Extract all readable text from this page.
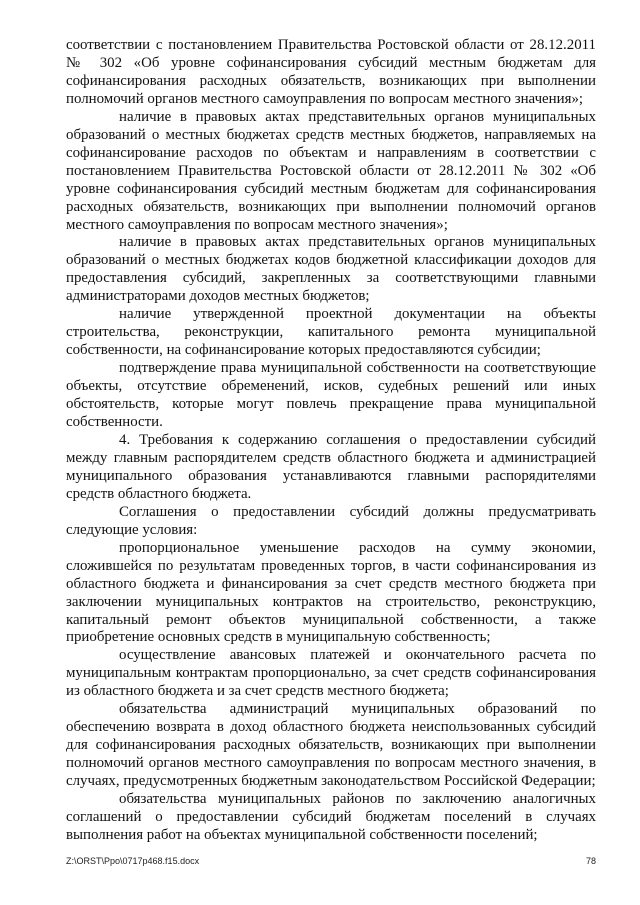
соответствии с постановлением Правительства Ростовской области от 28.12.2011 № 302 «Об уровне софинансирования субсидий местным бюджетам для софинансирования расходных обязательств, возникающих при выполнении полномочий органов местного самоуправления по вопросам местного значения»;

наличие в правовых актах представительных органов муниципальных образований о местных бюджетах средств местных бюджетов, направляемых на софинансирование расходов по объектам и направлениям в соответствии с постановлением Правительства Ростовской области от 28.12.2011 № 302 «Об уровне софинансирования субсидий местным бюджетам для софинансирования расходных обязательств, возникающих при выполнении полномочий органов местного самоуправления по вопросам местного значения»;

наличие в правовых актах представительных органов муниципальных образований о местных бюджетах кодов бюджетной классификации доходов для предоставления субсидий, закрепленных за соответствующими главными администраторами доходов местных бюджетов;

наличие утвержденной проектной документации на объекты строительства, реконструкции, капитального ремонта муниципальной собственности, на софинансирование которых предоставляются субсидии;

подтверждение права муниципальной собственности на соответствующие объекты, отсутствие обременений, исков, судебных решений или иных обстоятельств, которые могут повлечь прекращение права муниципальной собственности.

4. Требования к содержанию соглашения о предоставлении субсидий между главным распорядителем средств областного бюджета и администрацией муниципального образования устанавливаются главными распорядителями средств областного бюджета.

Соглашения о предоставлении субсидий должны предусматривать следующие условия:

пропорциональное уменьшение расходов на сумму экономии, сложившейся по результатам проведенных торгов, в части софинансирования из областного бюджета и финансирования за счет средств местного бюджета при заключении муниципальных контрактов на строительство, реконструкцию, капитальный ремонт объектов муниципальной собственности, а также приобретение основных средств в муниципальную собственность;

осуществление авансовых платежей и окончательного расчета по муниципальным контрактам пропорционально, за счет средств софинансирования из областного бюджета и за счет средств местного бюджета;

обязательства администраций муниципальных образований по обеспечению возврата в доход областного бюджета неиспользованных субсидий для софинансирования расходных обязательств, возникающих при выполнении полномочий органов местного самоуправления по вопросам местного значения, в случаях, предусмотренных бюджетным законодательством Российской Федерации;

обязательства муниципальных районов по заключению аналогичных соглашений о предоставлении субсидий бюджетам поселений в случаях выполнения работ на объектах муниципальной собственности поселений;

Z:\ORST\Ppo\0717p468.f15.docx	78
